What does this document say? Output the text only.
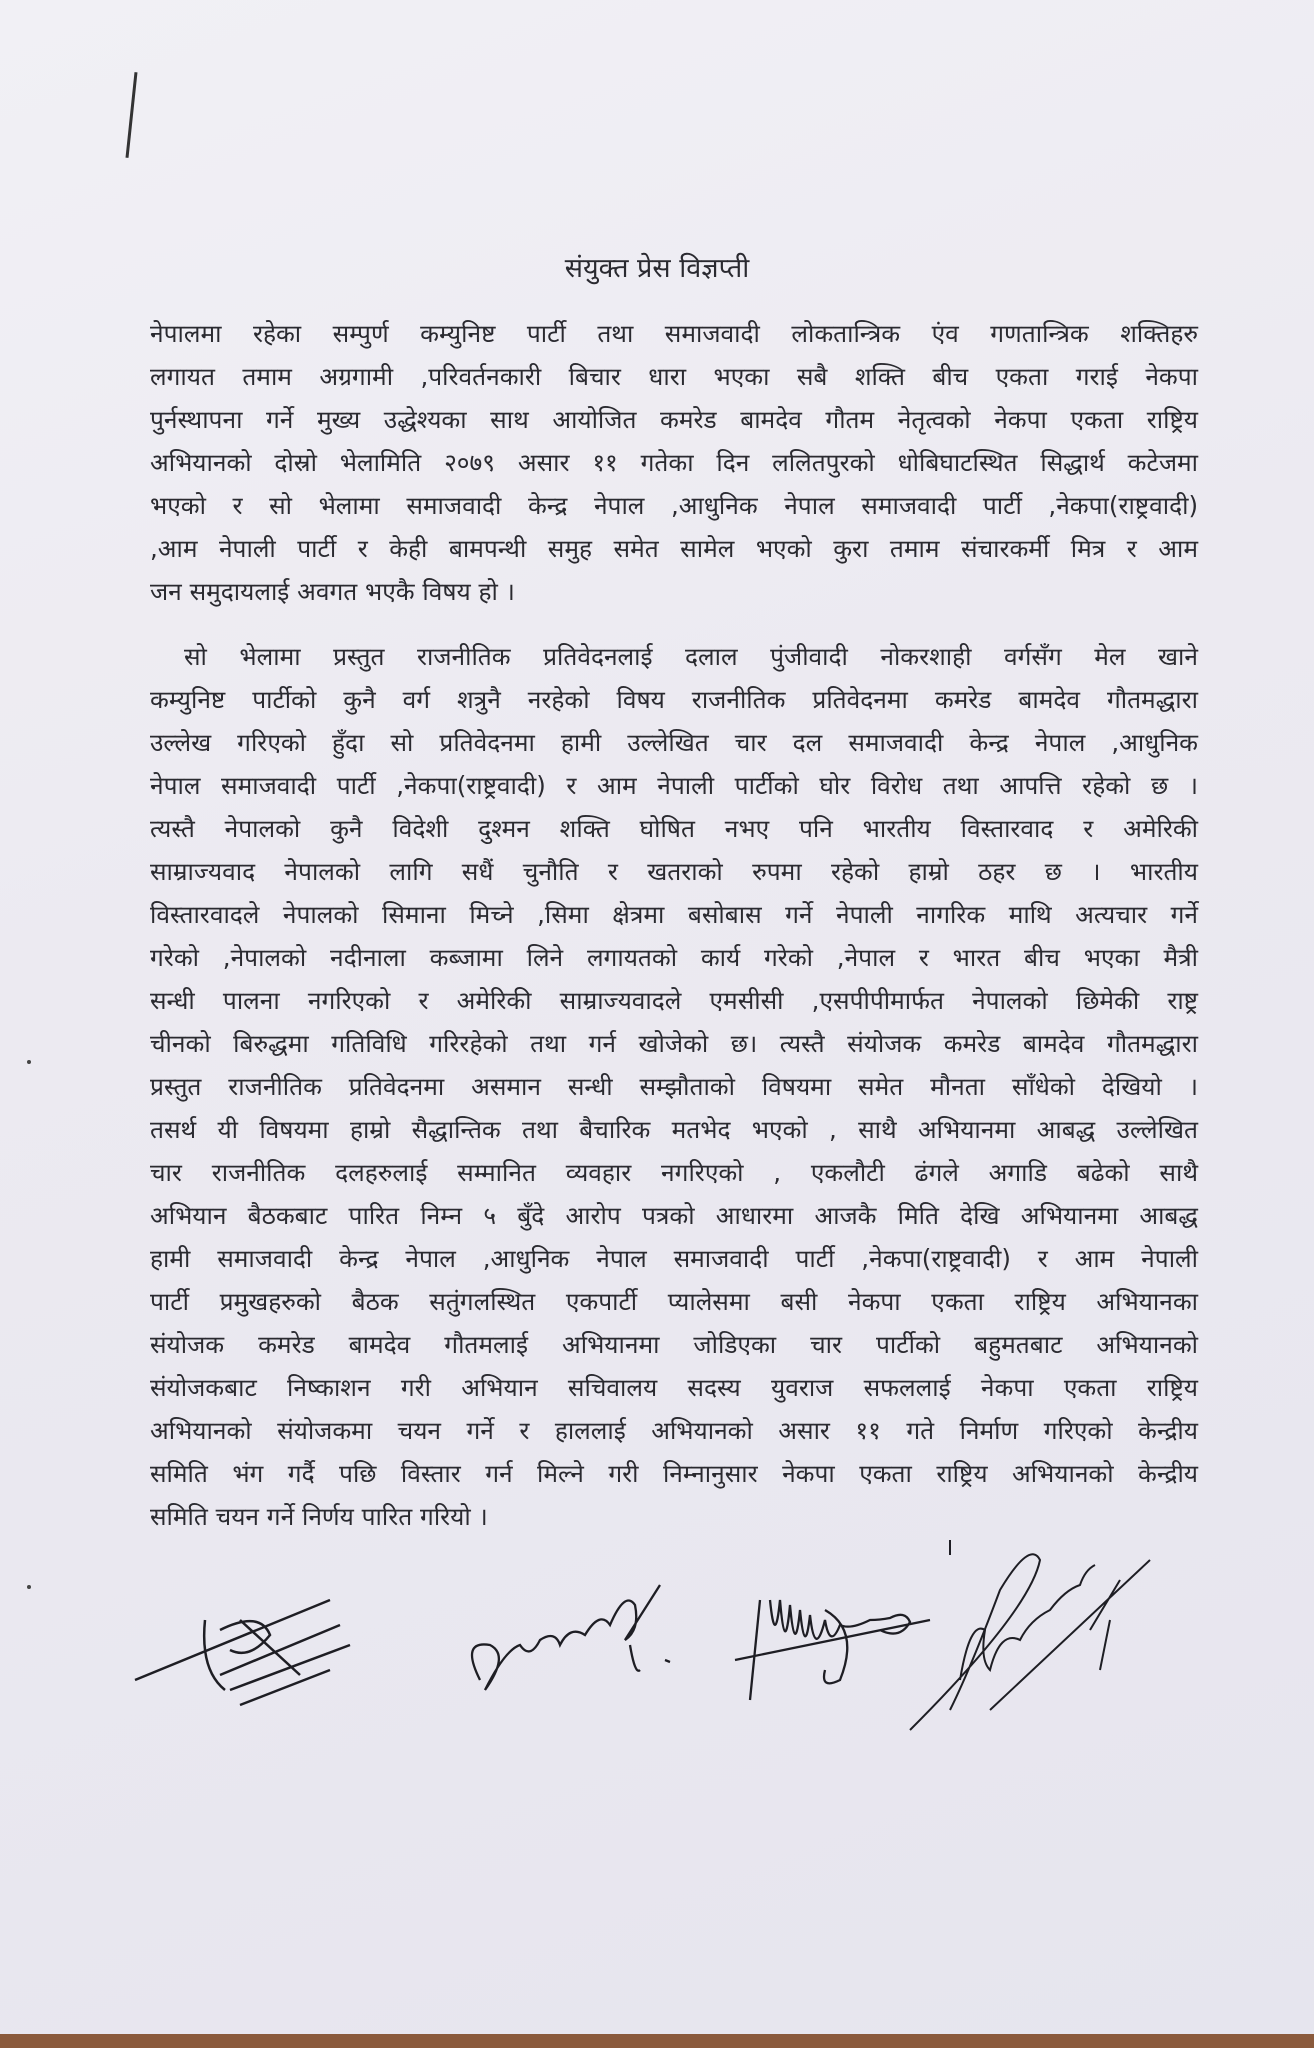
संयुक्त प्रेस विज्ञप्ती
नेपालमा रहेका सम्पुर्ण कम्युनिष्ट पार्टी तथा समाजवादी लोकतान्त्रिक एंव गणतान्त्रिक शक्तिहरु
लगायत तमाम अग्रगामी ,परिवर्तनकारी बिचार धारा भएका सबै शक्ति बीच एकता गराई नेकपा
पुर्नस्थापना गर्ने मुख्य उद्धेश्यका साथ आयोजित कमरेड बामदेव गौतम नेतृत्वको नेकपा एकता राष्ट्रिय
अभियानको दोस्रो भेलामिति २०७९ असार ११ गतेका दिन ललितपुरको धोबिघाटस्थित सिद्धार्थ कटेजमा
भएको र सो भेलामा समाजवादी केन्द्र नेपाल ,आधुनिक नेपाल समाजवादी पार्टी ,नेकपा(राष्ट्रवादी)
,आम नेपाली पार्टी र केही बामपन्थी समुह समेत सामेल भएको कुरा तमाम संचारकर्मी मित्र र आम
जन समुदायलाई अवगत भएकै विषय हो ।
सो भेलामा प्रस्तुत राजनीतिक प्रतिवेदनलाई दलाल पुंजीवादी नोकरशाही वर्गसँग मेल खाने
कम्युनिष्ट पार्टीको कुनै वर्ग शत्रुनै नरहेको विषय राजनीतिक प्रतिवेदनमा कमरेड बामदेव गौतमद्धारा
उल्लेख गरिएको हुँदा सो प्रतिवेदनमा हामी उल्लेखित चार दल समाजवादी केन्द्र नेपाल ,आधुनिक
नेपाल समाजवादी पार्टी ,नेकपा(राष्ट्रवादी) र आम नेपाली पार्टीको घोर विरोध तथा आपत्ति रहेको छ ।
त्यस्तै नेपालको कुनै विदेशी दुश्मन शक्ति घोषित नभए पनि भारतीय विस्तारवाद र अमेरिकी
साम्राज्यवाद नेपालको लागि सधैं चुनौति र खतराको रुपमा रहेको हाम्रो ठहर छ । भारतीय
विस्तारवादले नेपालको सिमाना मिच्ने ,सिमा क्षेत्रमा बसोबास गर्ने नेपाली नागरिक माथि अत्यचार गर्ने
गरेको ,नेपालको नदीनाला कब्जामा लिने लगायतको कार्य गरेको ,नेपाल र भारत बीच भएका मैत्री
सन्धी पालना नगरिएको र अमेरिकी साम्राज्यवादले एमसीसी ,एसपीपीमार्फत नेपालको छिमेकी राष्ट्र
चीनको बिरुद्धमा गतिविधि गरिरहेको तथा गर्न खोजेको छ। त्यस्तै संयोजक कमरेड बामदेव गौतमद्धारा
प्रस्तुत राजनीतिक प्रतिवेदनमा असमान सन्धी सम्झौताको विषयमा समेत मौनता साँधेको देखियो ।
तसर्थ यी विषयमा हाम्रो सैद्धान्तिक तथा बैचारिक मतभेद भएको , साथै अभियानमा आबद्ध उल्लेखित
चार राजनीतिक दलहरुलाई सम्मानित व्यवहार नगरिएको , एकलौटी ढंगले अगाडि बढेको साथै
अभियान बैठकबाट पारित निम्न ५ बुँदे आरोप पत्रको आधारमा आजकै मिति देखि अभियानमा आबद्ध
हामी समाजवादी केन्द्र नेपाल ,आधुनिक नेपाल समाजवादी पार्टी ,नेकपा(राष्ट्रवादी) र आम नेपाली
पार्टी प्रमुखहरुको बैठक सतुंगलस्थित एकपार्टी प्यालेसमा बसी नेकपा एकता राष्ट्रिय अभियानका
संयोजक कमरेड बामदेव गौतमलाई अभियानमा जोडिएका चार पार्टीको बहुमतबाट अभियानको
संयोजकबाट निष्काशन गरी अभियान सचिवालय सदस्य युवराज सफललाई नेकपा एकता राष्ट्रिय
अभियानको संयोजकमा चयन गर्ने र हाललाई अभियानको असार ११ गते निर्माण गरिएको केन्द्रीय
समिति भंग गर्दै पछि विस्तार गर्न मिल्ने गरी निम्नानुसार नेकपा एकता राष्ट्रिय अभियानको केन्द्रीय
समिति चयन गर्ने निर्णय पारित गरियो ।
